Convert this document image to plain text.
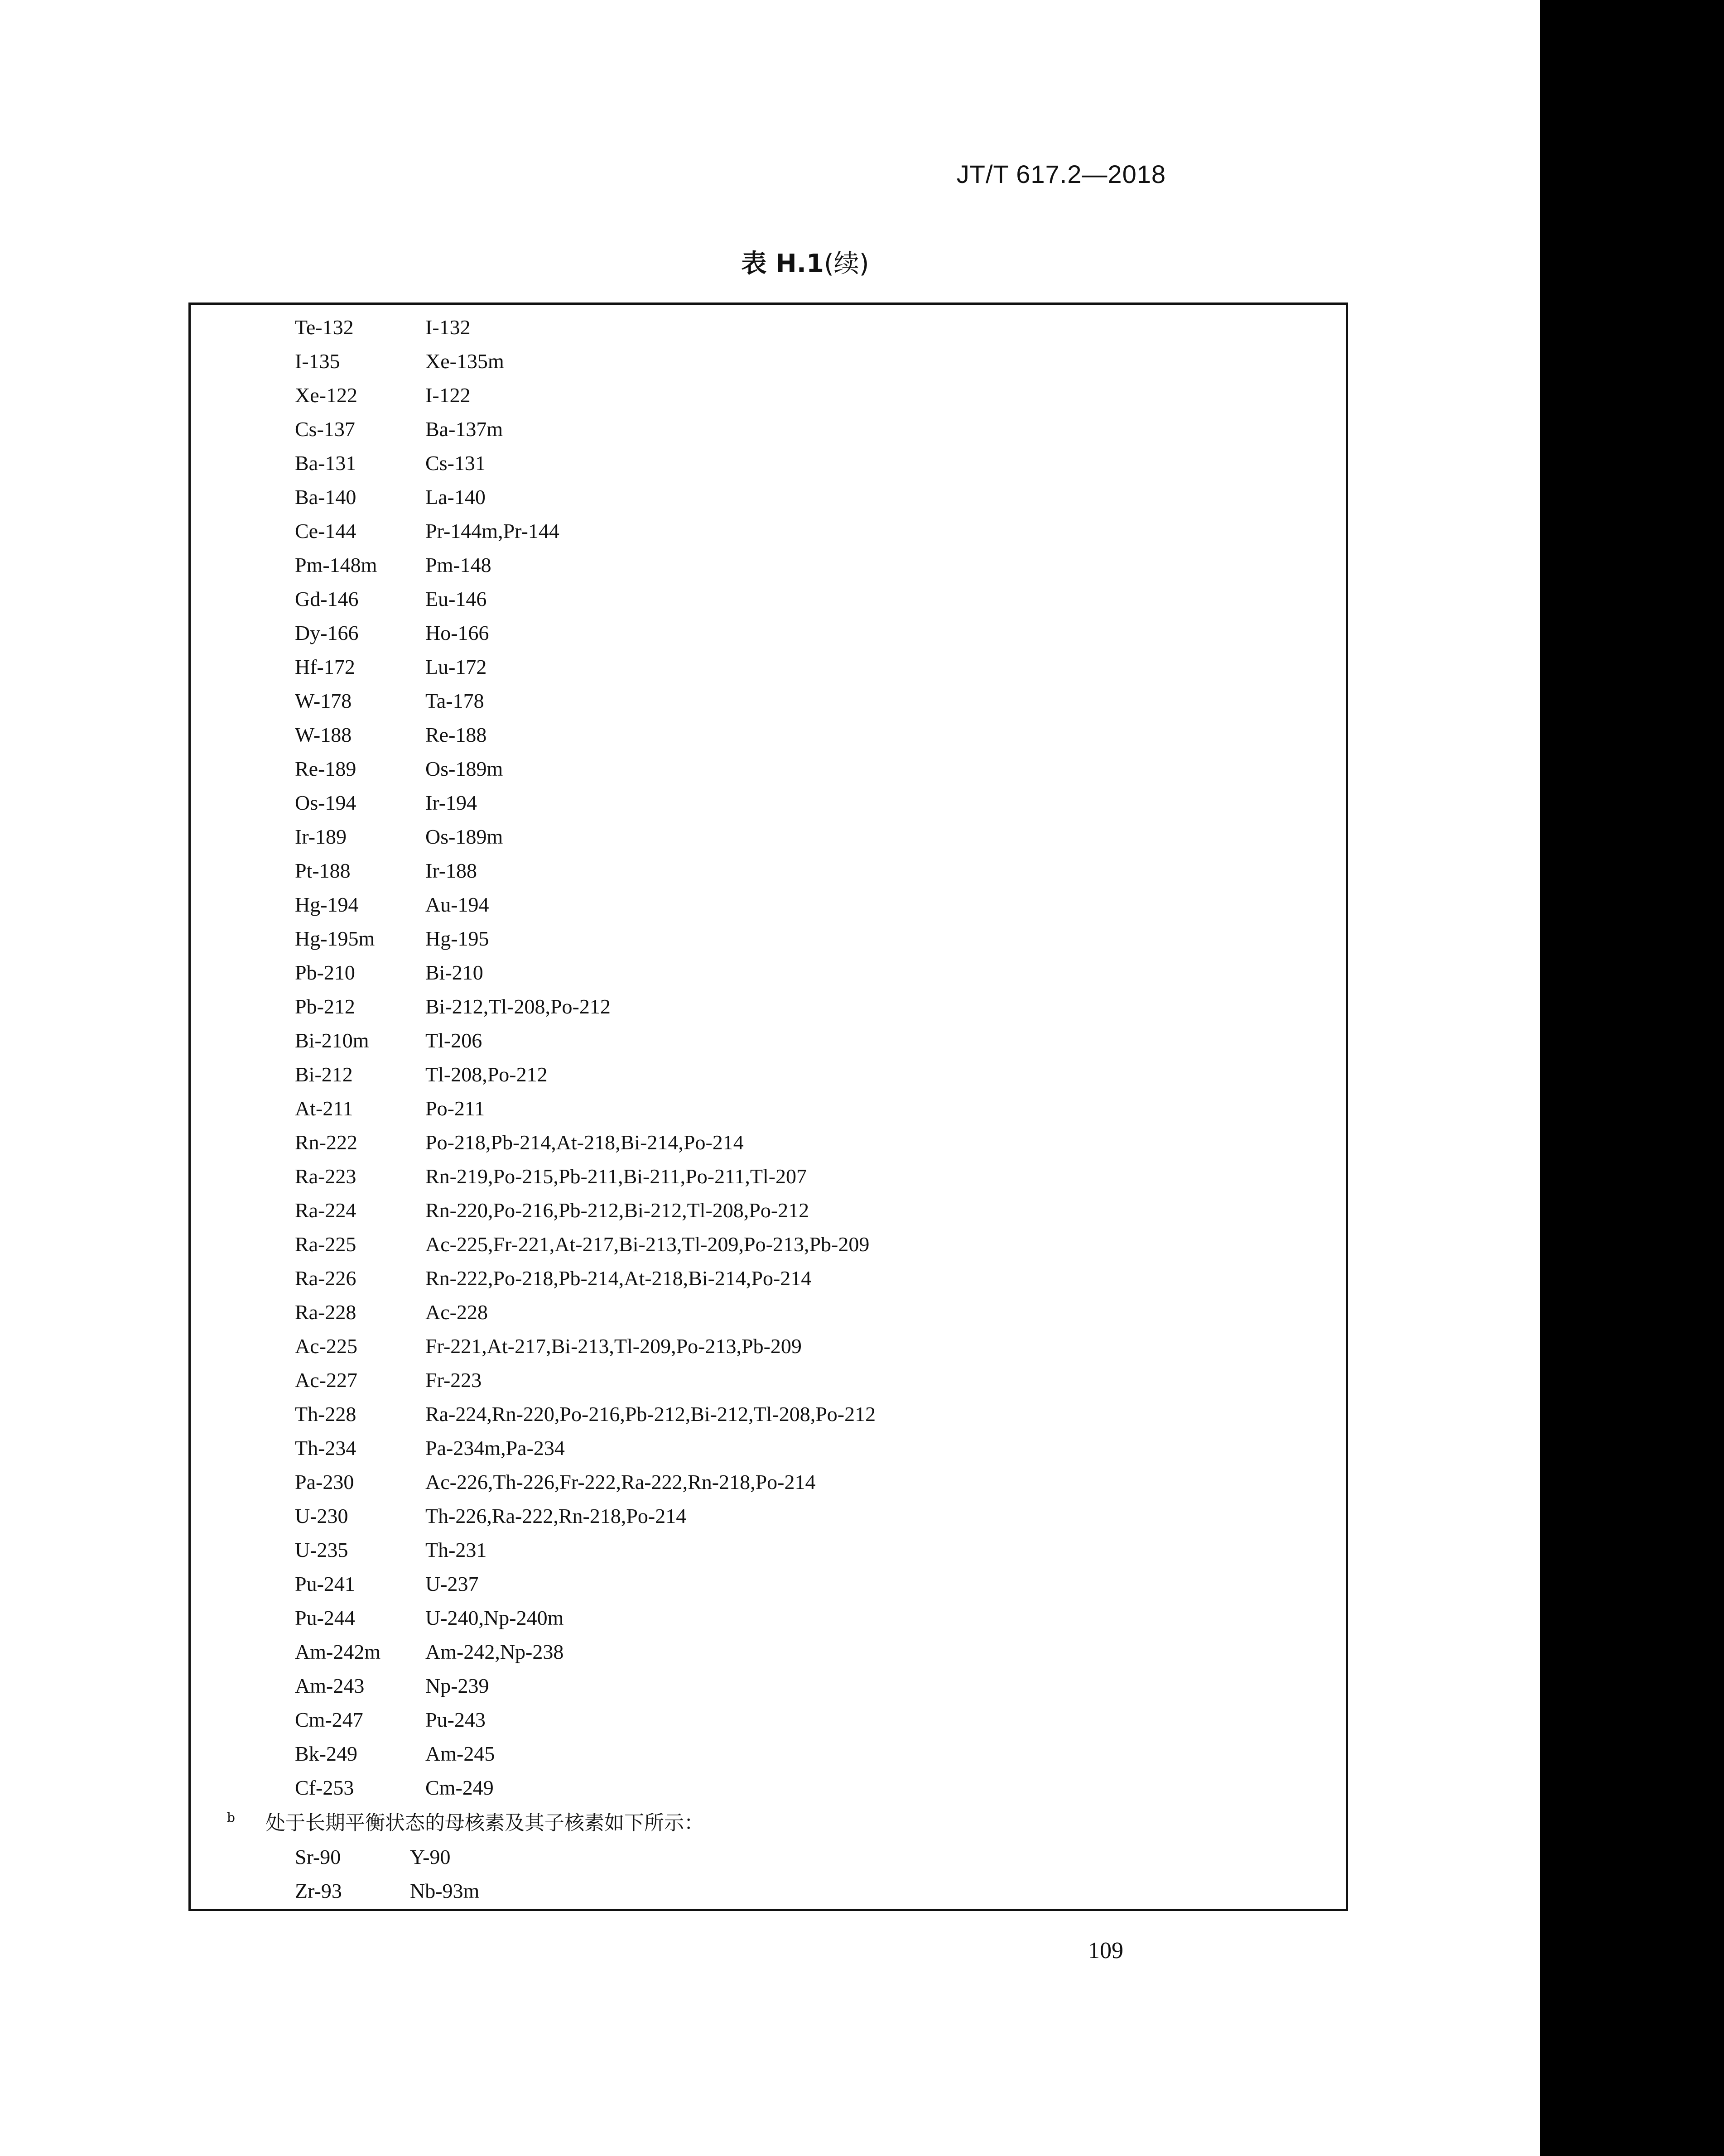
JT/T 617.2—2018
表 H.1(续)
Te-132	I-132
I-135	Xe-135m
Xe-122	I-122
Cs-137	Ba-137m
Ba-131	Cs-131
Ba-140	La-140
Ce-144	Pr-144m,Pr-144
Pm-148m Pm-148
Gd-146	Eu-146
Dy-166	Ho-166
Hf-172	Lu-172
W-178	Ta-178
W-188	Re-188
Re-189	Os-189m
Os-194	Ir-194
Ir-189	Os-189m
Pt-188	Ir-188
Hg-194	Au-194
Hg-195m Hg-195
Pb-210	Bi-210
Pb-212	Bi-212,Tl-208,Po-212
Bi-210m	Tl-206
Bi-212	Tl-208,Po-212
At-211	Po-211
Rn-222	Po-218,Pb-214,At-218,Bi-214,Po-214
Ra-223	Rn-219,Po-215,Pb-211,Bi-211,Po-211,Tl-207
Ra-224	Rn-220,Po-216,Pb-212,Bi-212,Tl-208,Po-212
Ra-225	Ac-225,Fr-221,At-217,Bi-213,Tl-209,Po-213,Pb-209
Ra-226	Rn-222,Po-218,Pb-214,At-218,Bi-214,Po-214
Ra-228	Ac-228
Ac-225	Fr-221,At-217,Bi-213,Tl-209,Po-213,Pb-209
Ac-227	Fr-223
Th-228	Ra-224,Rn-220,Po-216,Pb-212,Bi-212,Tl-208,Po-212
Th-234	Pa-234m,Pa-234
Pa-230	Ac-226,Th-226,Fr-222,Ra-222,Rn-218,Po-214
U-230	Th-226,Ra-222,Rn-218,Po-214
U-235	Th-231
Pu-241	U-237
Pu-244	U-240,Np-240m
Am-242m Am-242,Np-238
Am-243	Np-239
Cm-247	Pu-243
Bk-249	Am-245
Cf-253	Cm-249
b 处于长期平衡状态的母核素及其子核素如下所示：
Sr-90	Y-90
Zr-93	Nb-93m
109
